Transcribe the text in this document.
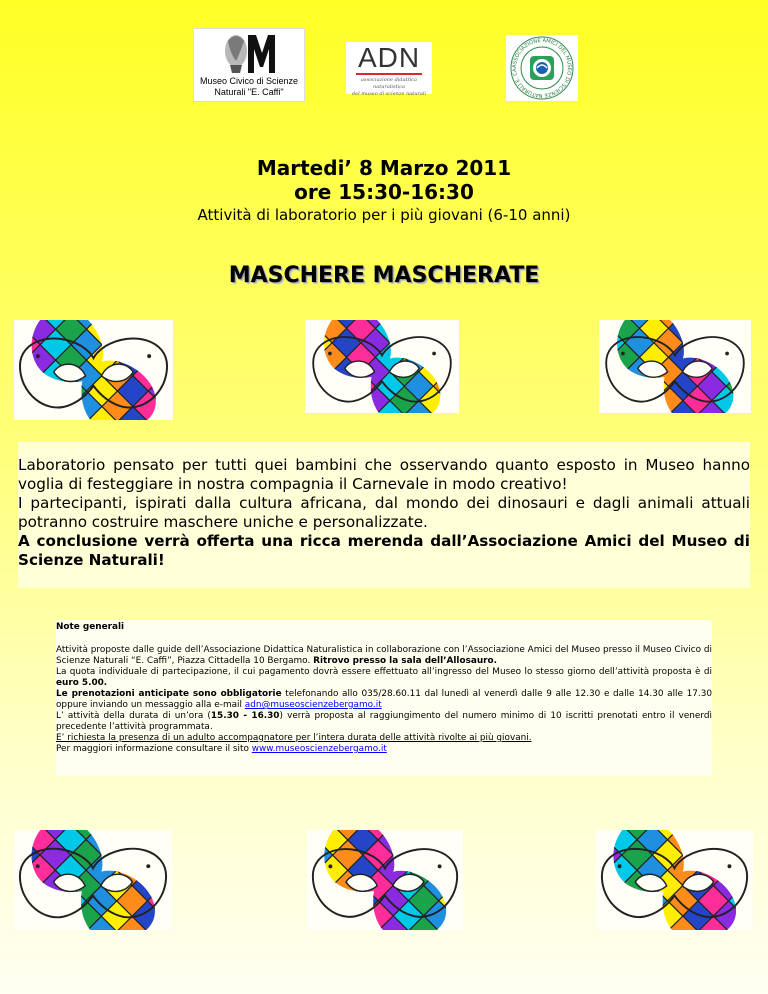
Museo Civico di Scienze
Naturali "E. Caffi"
ADN
associazione didattica naturalistica
del museo di scienze naturali
ASSOCIAZIONE AMICI DEL MUSEO DI SCIENZE NATURALI E. CA
Martedi’ 8 Marzo 2011
ore 15:30-16:30
Attività di laboratorio per i più giovani (6-10 anni)
MASCHERE MASCHERATE

Laboratorio pensato per tutti quei bambini che osservando quanto esposto in Museo hanno voglia di festeggiare in nostra compagnia il Carnevale in modo creativo!

I partecipanti, ispirati dalla cultura africana, dal mondo dei dinosauri e dagli animali attuali potranno costruire maschere uniche e personalizzate.

A conclusione verrà offerta una ricca merenda dall’Associazione Amici del Museo di Scienze Naturali!

Note generali

Attività proposte dalle guide dell’Associazione Didattica Naturalistica in collaborazione con l’Associazione Amici del Museo presso il Museo Civico di Scienze Naturali “E. Caffi”, Piazza Cittadella 10 Bergamo. Ritrovo presso la sala dell’Allosauro.

La quota individuale di partecipazione, il cui pagamento dovrà essere effettuato all’ingresso del Museo lo stesso giorno dell’attività proposta è di euro 5.00.

Le prenotazioni anticipate sono obbligatorie telefonando allo 035/28.60.11 dal lunedì al venerdì dalle 9 alle 12.30 e dalle 14.30 alle 17.30 oppure inviando un messaggio alla e-mail adn@museoscienzebergamo.it

L’ attività della durata di un’ora (15.30 - 16.30) verrà proposta al raggiungimento del numero minimo di 10 iscritti prenotati entro il venerdì precedente l’attività programmata.

E’ richiesta la presenza di un adulto accompagnatore per l’intera durata delle attività rivolte ai più giovani.

Per maggiori informazione consultare il sito www.museoscienzebergamo.it
